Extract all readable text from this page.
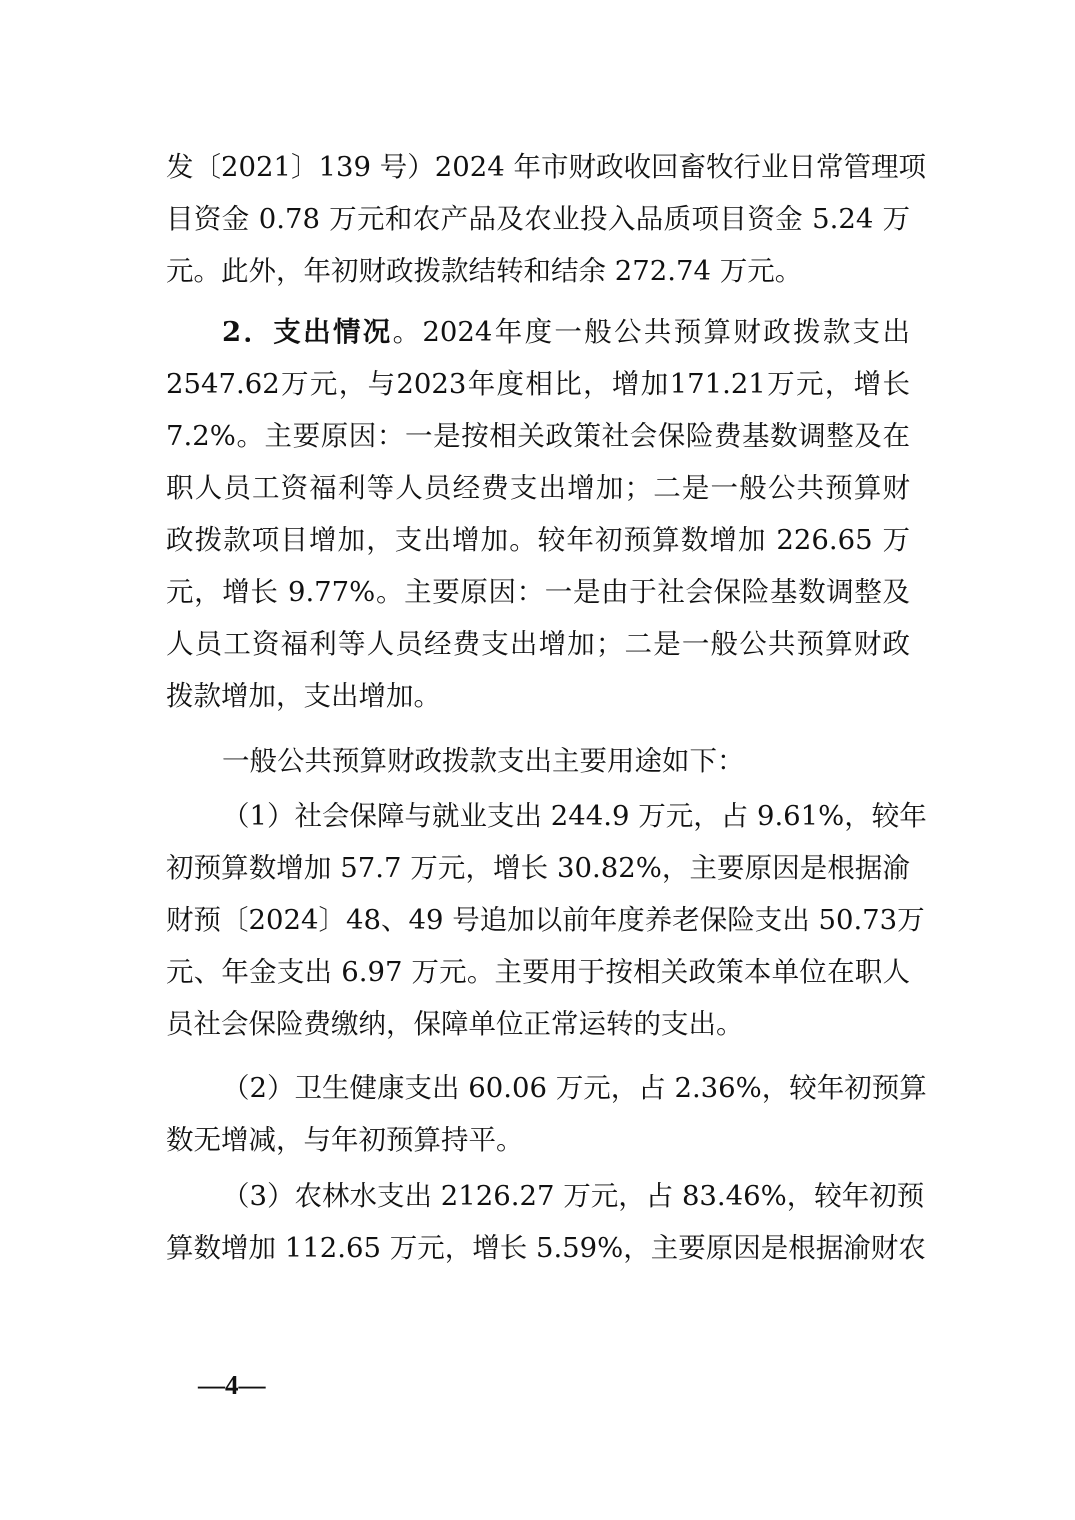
发〔2021〕139 号）2024 年市财政收回畜牧行业日常管理项
目资金 0.78 万元和农产品及农业投入品质项目资金 5.24 万
元。此外，年初财政拨款结转和结余 272.74 万元。
2．支出情况。2024年度一般公共预算财政拨款支出
2547.62万元，与2023年度相比，增加171.21万元，增长
7.2%。主要原因：一是按相关政策社会保险费基数调整及在
职人员工资福利等人员经费支出增加；二是一般公共预算财
政拨款项目增加，支出增加。较年初预算数增加 226.65 万
元，增长 9.77%。主要原因：一是由于社会保险基数调整及
人员工资福利等人员经费支出增加；二是一般公共预算财政
拨款增加，支出增加。
一般公共预算财政拨款支出主要用途如下：
（1）社会保障与就业支出 244.9 万元，占 9.61%，较年
初预算数增加 57.7 万元，增长 30.82%，主要原因是根据渝
财预〔2024〕48、49 号追加以前年度养老保险支出 50.73万
元、年金支出 6.97 万元。主要用于按相关政策本单位在职人
员社会保险费缴纳，保障单位正常运转的支出。
（2）卫生健康支出 60.06 万元，占 2.36%，较年初预算
数无增减，与年初预算持平。
（3）农林水支出 2126.27 万元，占 83.46%，较年初预
算数增加 112.65 万元，增长 5.59%，主要原因是根据渝财农
—4—
